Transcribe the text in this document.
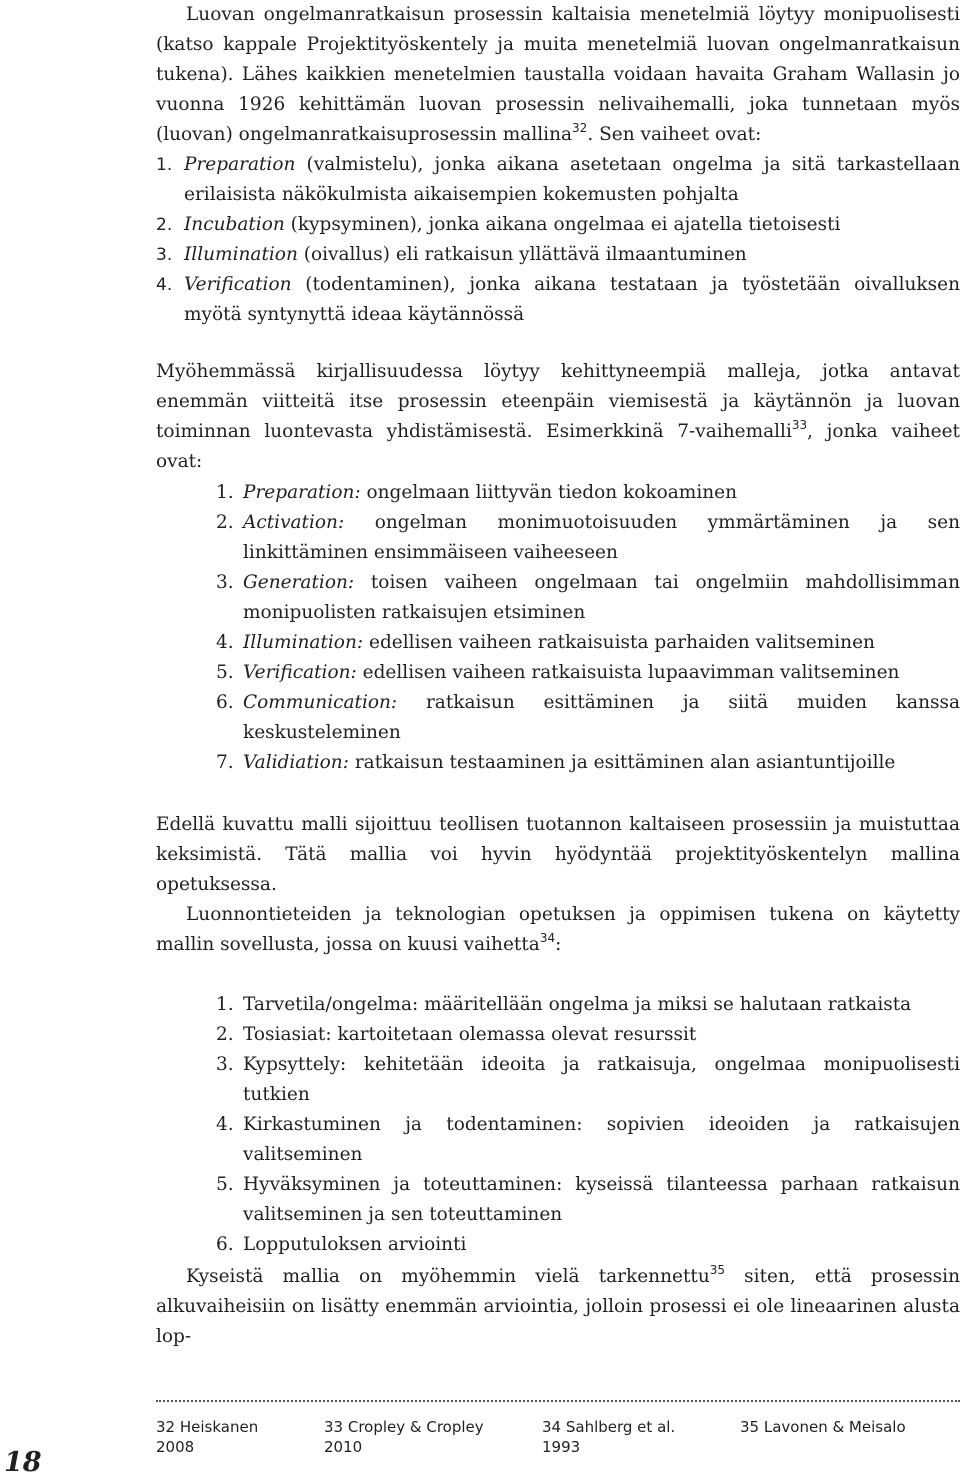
Luovan ongelmanratkaisun prosessin kaltaisia menetelmiä löytyy monipuolisesti (katso kappale Projektityöskentely ja muita menetelmiä luovan ongelmanratkaisun tukena). Lähes kaikkien menetelmien taustalla voidaan havaita Graham Wallasin jo vuonna 1926 kehittämän luovan prosessin nelivaihemalli, joka tunnetaan myös (luovan) ongelmanratkaisuprosessin mallina$^{32}$. Sen vaiheet ovat:

1. Preparation (valmistelu), jonka aikana asetetaan ongelma ja sitä tarkastellaan erilaisista näkökulmista aikaisempien kokemusten pohjalta
2. Incubation (kypsyminen), jonka aikana ongelmaa ei ajatella tietoisesti
3. Illumination (oivallus) eli ratkaisun yllättävä ilmaantuminen
4. Verification (todentaminen), jonka aikana testataan ja työstetään oivalluksen myötä syntynyttä ideaa käytännössä

Myöhemmässä kirjallisuudessa löytyy kehittyneempiä malleja, jotka antavat enemmän viitteitä itse prosessin eteenpäin viemisestä ja käytännön ja luovan toiminnan luontevasta yhdistämisestä. Esimerkkinä 7-vaihemalli$^{33}$, jonka vaiheet ovat:

1. Preparation: ongelmaan liittyvän tiedon kokoaminen
2. Activation: ongelman monimuotoisuuden ymmärtäminen ja sen linkittäminen ensimmäiseen vaiheeseen
3. Generation: toisen vaiheen ongelmaan tai ongelmiin mahdollisimman monipuolisten ratkaisujen etsiminen
4. Illumination: edellisen vaiheen ratkaisuista parhaiden valitseminen
5. Verification: edellisen vaiheen ratkaisuista lupaavimman valitseminen
6. Communication: ratkaisun esittäminen ja siitä muiden kanssa keskusteleminen
7. Validiation: ratkaisun testaaminen ja esittäminen alan asiantuntijoille

Edellä kuvattu malli sijoittuu teollisen tuotannon kaltaiseen prosessiin ja muistuttaa keksimistä. Tätä mallia voi hyvin hyödyntää projektityöskentelyn mallina opetuksessa.

Luonnontieteiden ja teknologian opetuksen ja oppimisen tukena on käytetty mallin sovellusta, jossa on kuusi vaihetta$^{34}$:

1. Tarvetila/ongelma: määritellään ongelma ja miksi se halutaan ratkaista
2. Tosiasiat: kartoitetaan olemassa olevat resurssit
3. Kypsyttely: kehitetään ideoita ja ratkaisuja, ongelmaa monipuolisesti tutkien
4. Kirkastuminen ja todentaminen: sopivien ideoiden ja ratkaisujen valitseminen
5. Hyväksyminen ja toteuttaminen: kyseissä tilanteessa parhaan ratkaisun valitseminen ja sen toteuttaminen
6. Lopputuloksen arviointi

Kyseistä mallia on myöhemmin vielä tarkennettu$^{35}$ siten, että prosessin alkuvaiheisiin on lisätty enemmän arviointia, jolloin prosessi ei ole lineaarinen alusta lop-

32 Heiskanen
2008
33 Cropley & Cropley
2010
34 Sahlberg et al.
1993
35 Lavonen & Meisalo
18
